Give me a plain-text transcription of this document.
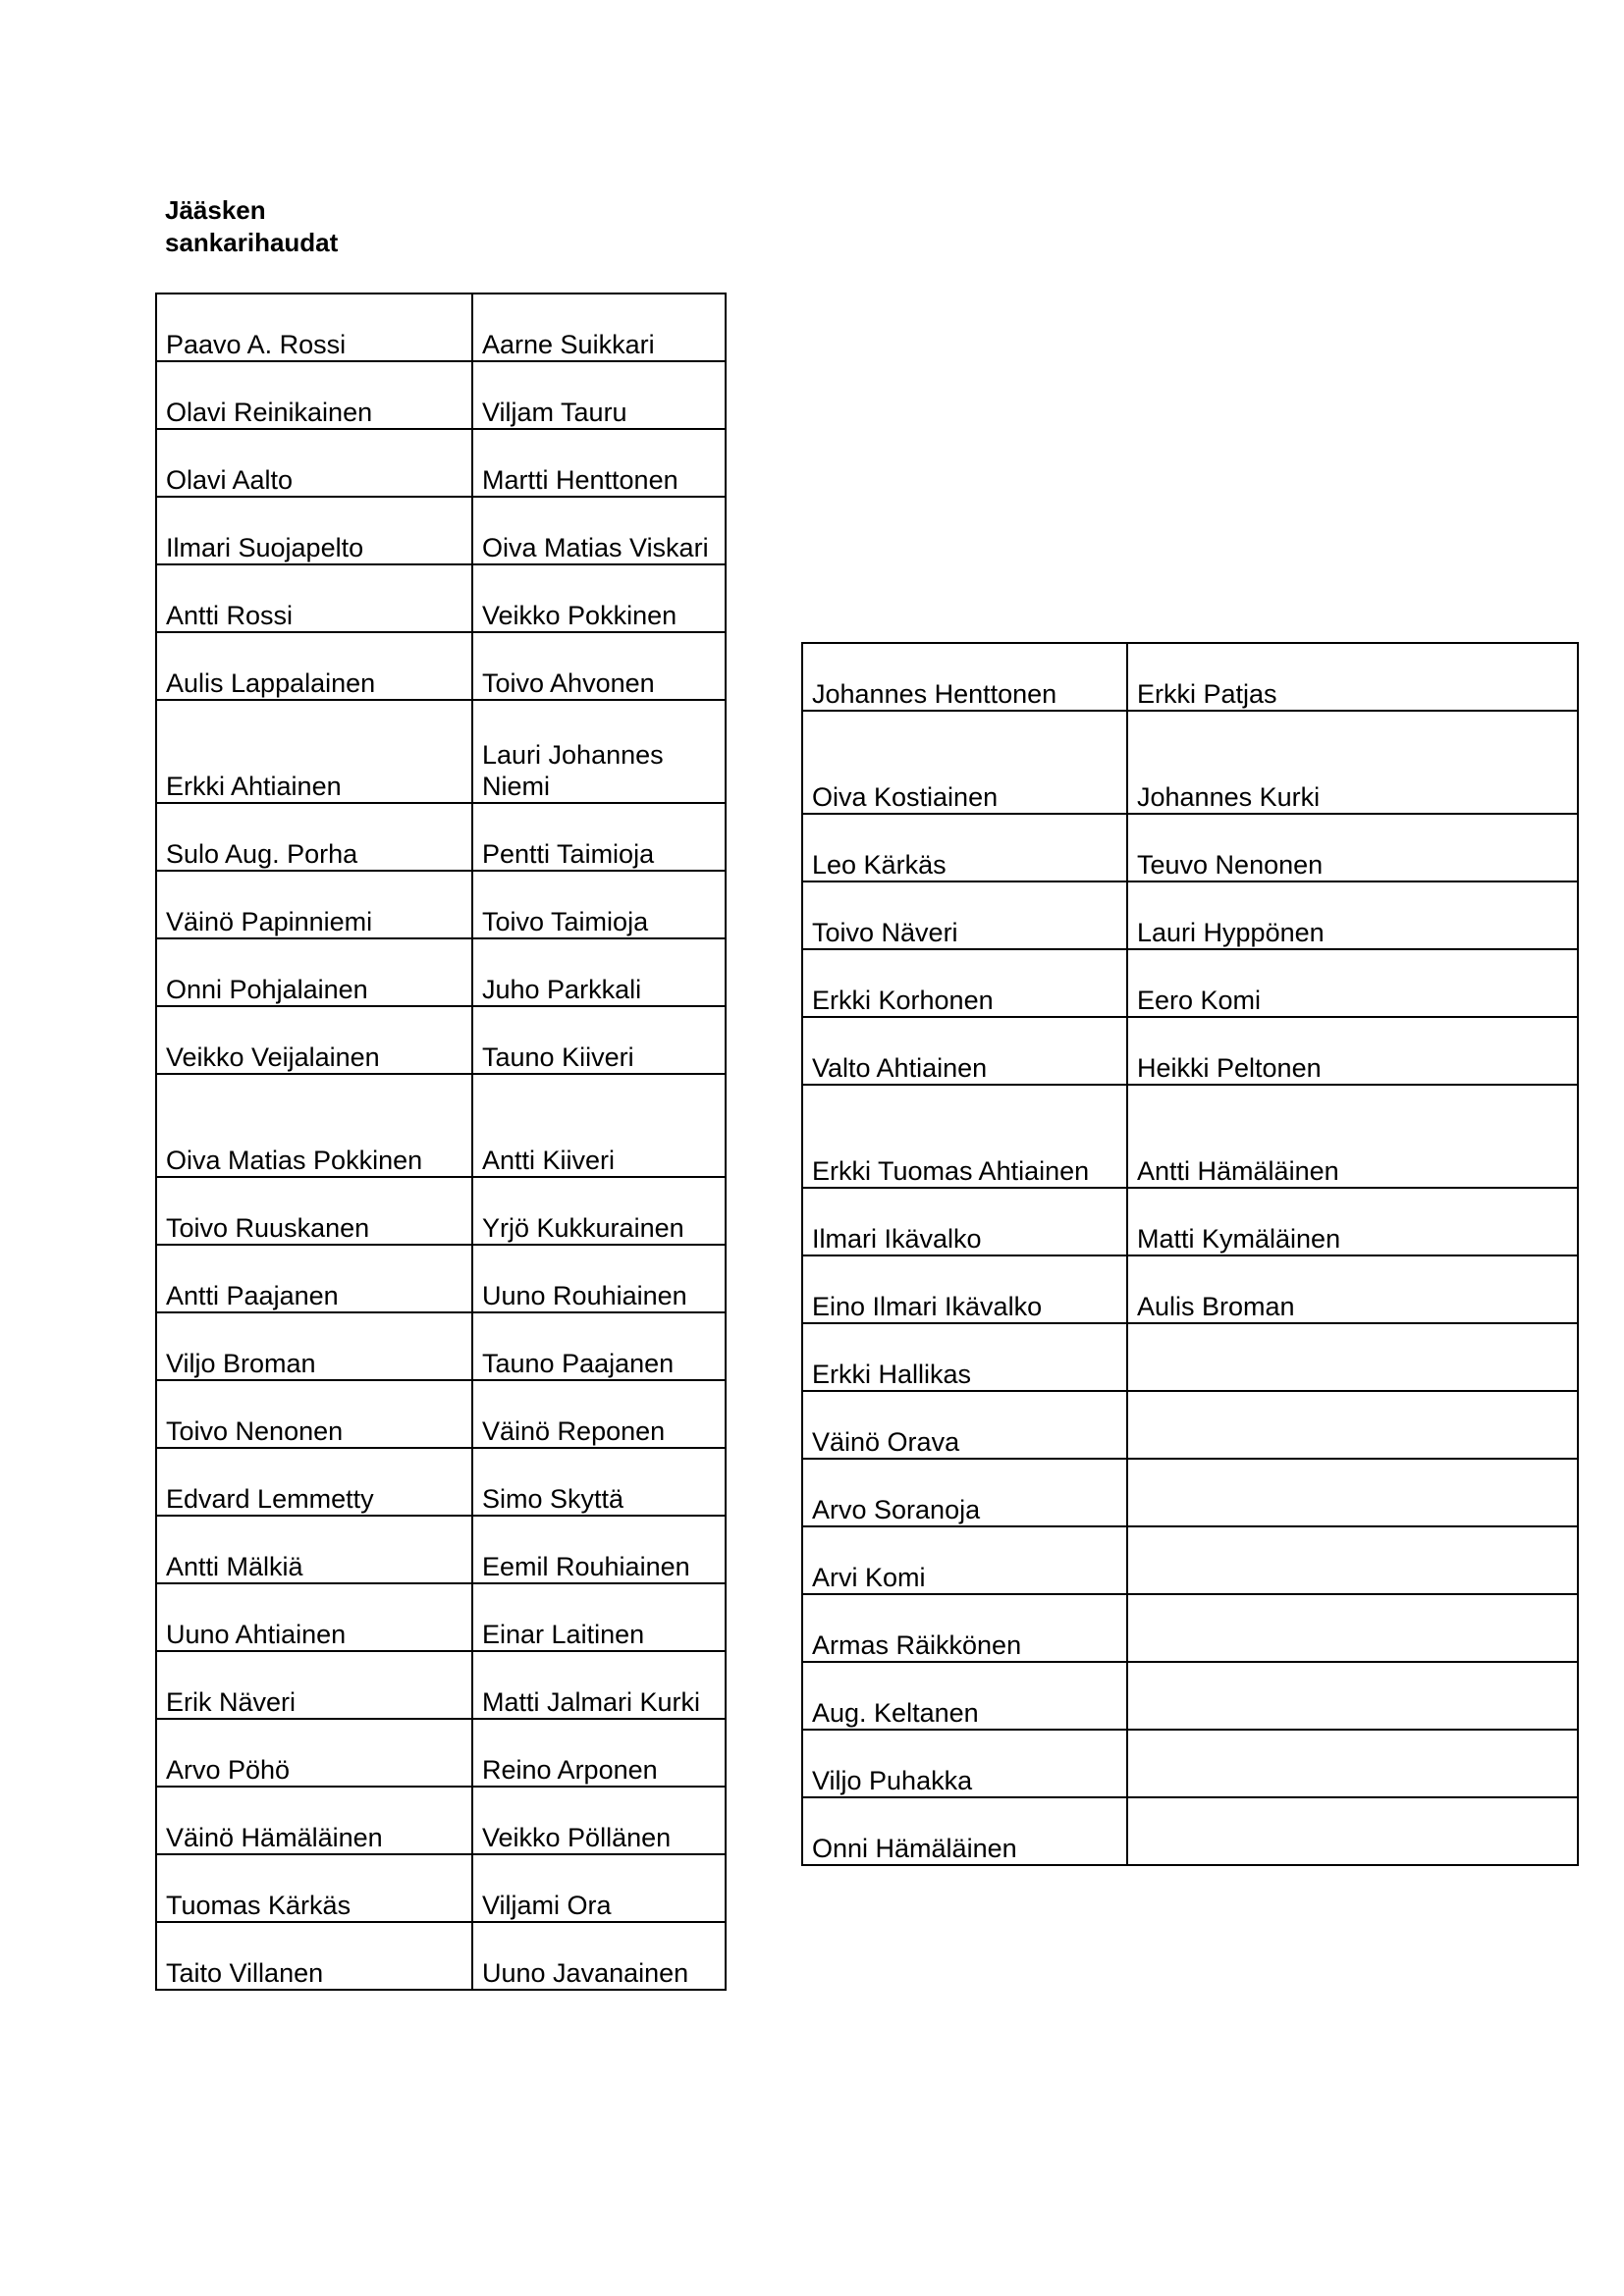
Jääsken
sankarihaudat
Paavo A. Rossi	Aarne Suikkari
Olavi Reinikainen	Viljam Tauru
Olavi Aalto	Martti Henttonen
Ilmari Suojapelto	Oiva Matias Viskari
Antti Rossi	Veikko Pokkinen
Aulis Lappalainen	Toivo Ahvonen
Erkki Ahtiainen	Lauri Johannes Niemi
Sulo Aug. Porha	Pentti Taimioja
Väinö Papinniemi	Toivo Taimioja
Onni Pohjalainen	Juho Parkkali
Veikko Veijalainen	Tauno Kiiveri
Oiva Matias Pokkinen	Antti Kiiveri
Toivo Ruuskanen	Yrjö Kukkurainen
Antti Paajanen	Uuno Rouhiainen
Viljo Broman	Tauno Paajanen
Toivo Nenonen	Väinö Reponen
Edvard Lemmetty	Simo Skyttä
Antti Mälkiä	Eemil Rouhiainen
Uuno Ahtiainen	Einar Laitinen
Erik Näveri	Matti Jalmari Kurki
Arvo Pöhö	Reino Arponen
Väinö Hämäläinen	Veikko Pöllänen
Tuomas Kärkäs	Viljami Ora
Taito Villanen	Uuno Javanainen
Johannes Henttonen	Erkki Patjas
Oiva Kostiainen	Johannes Kurki
Leo Kärkäs	Teuvo Nenonen
Toivo Näveri	Lauri Hyppönen
Erkki Korhonen	Eero Komi
Valto Ahtiainen	Heikki Peltonen
Erkki Tuomas Ahtiainen	Antti Hämäläinen
Ilmari Ikävalko	Matti Kymäläinen
Eino Ilmari Ikävalko	Aulis Broman
Erkki Hallikas	
Väinö Orava	
Arvo Soranoja	
Arvi Komi	
Armas Räikkönen	
Aug. Keltanen	
Viljo Puhakka	
Onni Hämäläinen	
